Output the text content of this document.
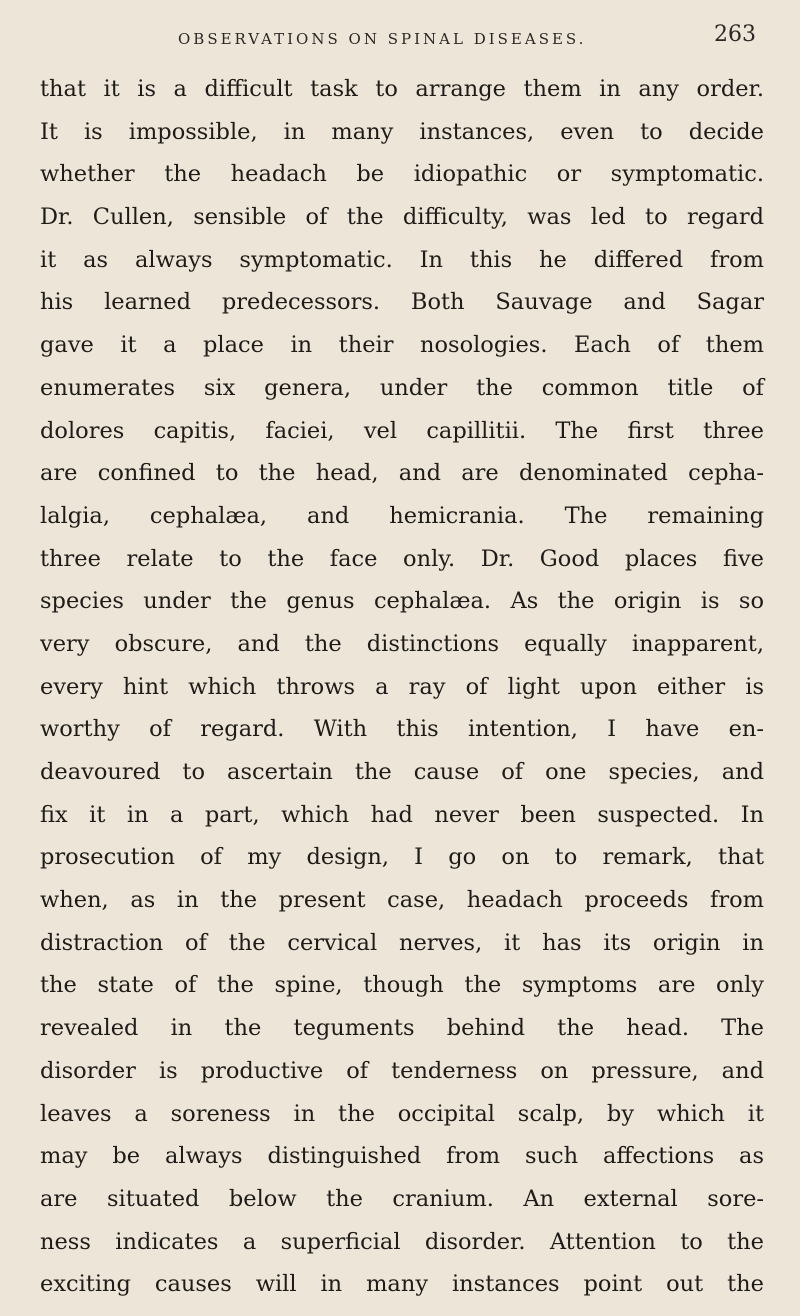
OBSERVATIONS ON SPINAL DISEASES.	263
that it is a difficult task to arrange them in any order.
It is impossible, in many instances, even to decide
whether the headach be idiopathic or symptomatic.
Dr. Cullen, sensible of the difficulty, was led to regard
it as always symptomatic. In this he differed from
his learned predecessors. Both Sauvage and Sagar
gave it a place in their nosologies. Each of them
enumerates six genera, under the common title of
dolores capitis, faciei, vel capillitii. The first three
are confined to the head, and are denominated cepha-
lalgia, cephalæa, and hemicrania. The remaining
three relate to the face only. Dr. Good places five
species under the genus cephalæa. As the origin is so
very obscure, and the distinctions equally inapparent,
every hint which throws a ray of light upon either is
worthy of regard. With this intention, I have en-
deavoured to ascertain the cause of one species, and
fix it in a part, which had never been suspected. In
prosecution of my design, I go on to remark, that
when, as in the present case, headach proceeds from
distraction of the cervical nerves, it has its origin in
the state of the spine, though the symptoms are only
revealed in the teguments behind the head. The
disorder is productive of tenderness on pressure, and
leaves a soreness in the occipital scalp, by which it
may be always distinguished from such affections as
are situated below the cranium. An external sore-
ness indicates a superficial disorder. Attention to the
exciting causes will in many instances point out the
